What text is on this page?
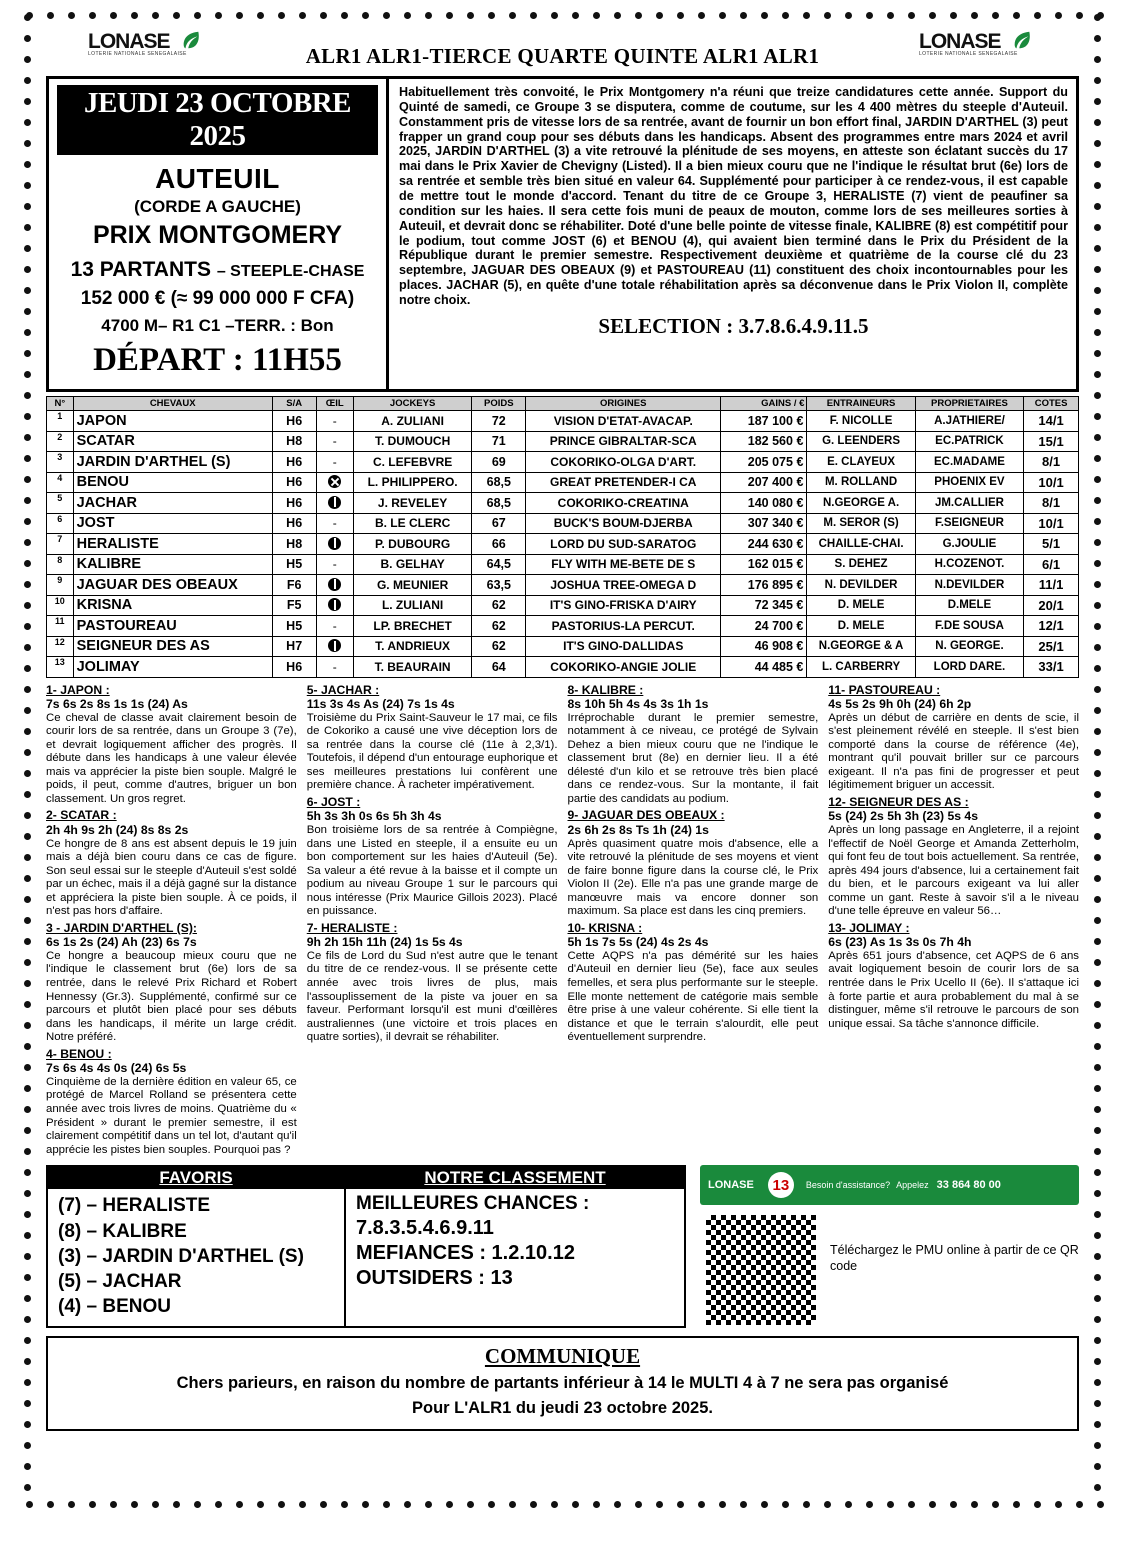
LONASE
LOTERIE NATIONALE SENEGALAISE	ALR1 ALR1-TIERCE QUARTE QUINTE ALR1 ALR1
LONASE
LOTERIE NATIONALE SENEGALAISE
JEUDI 23 OCTOBRE 2025
AUTEUIL
(CORDE A GAUCHE)
PRIX MONTGOMERY
13 PARTANTS – STEEPLE-CHASE
152 000 € (≈ 99 000 000 F CFA)
4700 M– R1 C1 –TERR. : Bon
DÉPART : 11H55
Habituellement très convoité, le Prix Montgomery n'a réuni que treize candidatures cette année. Support du Quinté de samedi, ce Groupe 3 se disputera, comme de coutume, sur les 4 400 mètres du steeple d'Auteuil. Constamment pris de vitesse lors de sa rentrée, avant de fournir un bon effort final, JARDIN D'ARTHEL (3) peut frapper un grand coup pour ses débuts dans les handicaps. Absent des programmes entre mars 2024 et avril 2025, JARDIN D'ARTHEL (3) a vite retrouvé la plénitude de ses moyens, en atteste son éclatant succès du 17 mai dans le Prix Xavier de Chevigny (Listed). Il a bien mieux couru que ne l'indique le résultat brut (6e) lors de sa rentrée et semble très bien situé en valeur 64. Supplémenté pour participer à ce rendez-vous, il est capable de mettre tout le monde d'accord. Tenant du titre de ce Groupe 3, HERALISTE (7) vient de peaufiner sa condition sur les haies. Il sera cette fois muni de peaux de mouton, comme lors de ses meilleures sorties à Auteuil, et devrait donc se réhabiliter. Doté d'une belle pointe de vitesse finale, KALIBRE (8) est compétitif pour le podium, tout comme JOST (6) et BENOU (4), qui avaient bien terminé dans le Prix du Président de la République durant le premier semestre. Respectivement deuxième et quatrième de la course clé du 23 septembre, JAGUAR DES OBEAUX (9) et PASTOUREAU (11) constituent des choix incontournables pour les places. JACHAR (5), en quête d'une totale réhabilitation après sa déconvenue dans le Prix Violon II, complète notre choix.
SELECTION : 3.7.8.6.4.9.11.5
N°	CHEVAUX	S/A	ŒIL	JOCKEYS	POIDS	ORIGINES	GAINS / €	ENTRAINEURS	PROPRIETAIRES	COTES
1	JAPON	H6	-	A. ZULIANI	72	VISION D'ETAT-AVACAP.	187 100 €	F. NICOLLE	A.JATHIERE/	14/1
2	SCATAR	H8	-	T. DUMOUCH	71	PRINCE GIBRALTAR-SCA	182 560 €	G. LEENDERS	EC.PATRICK	15/1
3	JARDIN D'ARTHEL (S)	H6	-	C. LEFEBVRE	69	COKORIKO-OLGA D'ART.	205 075 €	E. CLAYEUX	EC.MADAME	8/1
4	BENOU	H6		L. PHILIPPERO.	68,5	GREAT PRETENDER-I CA	207 400 €	M. ROLLAND	PHOENIX EV	10/1
5	JACHAR	H6		J. REVELEY	68,5	COKORIKO-CREATINA	140 080 €	N.GEORGE A.	JM.CALLIER	8/1
6	JOST	H6	-	B. LE CLERC	67	BUCK'S BOUM-DJERBA	307 340 €	M. SEROR (S)	F.SEIGNEUR	10/1
7	HERALISTE	H8		P. DUBOURG	66	LORD DU SUD-SARATOG	244 630 €	CHAILLE-CHAI.	G.JOULIE	5/1
8	KALIBRE	H5	-	B. GELHAY	64,5	FLY WITH ME-BETE DE S	162 015 €	S. DEHEZ	H.COZENOT.	6/1
9	JAGUAR DES OBEAUX	F6		G. MEUNIER	63,5	JOSHUA TREE-OMEGA D	176 895 €	N. DEVILDER	N.DEVILDER	11/1
10	KRISNA	F5		L. ZULIANI	62	IT'S GINO-FRISKA D'AIRY	72 345 €	D. MELE	D.MELE	20/1
11	PASTOUREAU	H5	-	LP. BRECHET	62	PASTORIUS-LA PERCUT.	24 700 €	D. MELE	F.DE SOUSA	12/1
12	SEIGNEUR DES AS	H7		T. ANDRIEUX	62	IT'S GINO-DALLIDAS	46 908 €	N.GEORGE & A	N. GEORGE.	25/1
13	JOLIMAY	H6	-	T. BEAURAIN	64	COKORIKO-ANGIE JOLIE	44 485 €	L. CARBERRY	LORD DARE.	33/1
1- JAPON :
7s 6s 2s 8s 1s 1s (24) As
Ce cheval de classe avait clairement besoin de courir lors de sa rentrée, dans un Groupe 3 (7e), et devrait logiquement afficher des progrès. Il débute dans les handicaps à une valeur élevée mais va apprécier la piste bien souple. Malgré le poids, il peut, comme d'autres, briguer un bon classement. Un gros regret.
2- SCATAR :
2h 4h 9s 2h (24) 8s 8s 2s
Ce hongre de 8 ans est absent depuis le 19 juin mais a déjà bien couru dans ce cas de figure. Son seul essai sur le steeple d'Auteuil s'est soldé par un échec, mais il a déjà gagné sur la distance et appréciera la piste bien souple. À ce poids, il n'est pas hors d'affaire.
3 - JARDIN D'ARTHEL (S):
6s 1s 2s (24) Ah (23) 6s 7s
Ce hongre a beaucoup mieux couru que ne l'indique le classement brut (6e) lors de sa rentrée, dans le relevé Prix Richard et Robert Hennessy (Gr.3). Supplémenté, confirmé sur ce parcours et plutôt bien placé pour ses débuts dans les handicaps, il mérite un large crédit. Notre préféré.
4- BENOU :
7s 6s 4s 4s 0s (24) 6s 5s
Cinquième de la dernière édition en valeur 65, ce protégé de Marcel Rolland se présentera cette année avec trois livres de moins. Quatrième du « Président » durant le premier semestre, il est clairement compétitif dans un tel lot, d'autant qu'il apprécie les pistes bien souples. Pourquoi pas ?
5- JACHAR :
11s 3s 4s As (24) 7s 1s 4s
Troisième du Prix Saint-Sauveur le 17 mai, ce fils de Cokoriko a causé une vive déception lors de sa rentrée dans la course clé (11e à 2,3/1). Toutefois, il dépend d'un entourage euphorique et ses meilleures prestations lui confèrent une première chance. À racheter impérativement.
6- JOST :
5h 3s 3h 0s 6s 5h 3h 4s
Bon troisième lors de sa rentrée à Compiègne, dans une Listed en steeple, il a ensuite eu un bon comportement sur les haies d'Auteuil (5e). Sa valeur a été revue à la baisse et il compte un podium au niveau Groupe 1 sur le parcours qui nous intéresse (Prix Maurice Gillois 2023). Placé en puissance.
7- HERALISTE :
9h 2h 15h 11h (24) 1s 5s 4s
Ce fils de Lord du Sud n'est autre que le tenant du titre de ce rendez-vous. Il se présente cette année avec trois livres de plus, mais l'assouplissement de la piste va jouer en sa faveur. Performant lorsqu'il est muni d'œillères australiennes (une victoire et trois places en quatre sorties), il devrait se réhabiliter.
8- KALIBRE :
8s 10h 5h 4s 4s 3s 1h 1s
Irréprochable durant le premier semestre, notamment à ce niveau, ce protégé de Sylvain Dehez a bien mieux couru que ne l'indique le classement brut (8e) en dernier lieu. Il a été délesté d'un kilo et se retrouve très bien placé dans ce rendez-vous. Sur la montante, il fait partie des candidats au podium.
9- JAGUAR DES OBEAUX :
2s 6h 2s 8s Ts 1h (24) 1s
Après quasiment quatre mois d'absence, elle a vite retrouvé la plénitude de ses moyens et vient de faire bonne figure dans la course clé, le Prix Violon II (2e). Elle n'a pas une grande marge de manœuvre mais va encore donner son maximum. Sa place est dans les cinq premiers.
10- KRISNA :
5h 1s 7s 5s (24) 4s 2s 4s
Cette AQPS n'a pas démérité sur les haies d'Auteuil en dernier lieu (5e), face aux seules femelles, et sera plus performante sur le steeple. Elle monte nettement de catégorie mais semble être prise à une valeur cohérente. Si elle tient la distance et que le terrain s'alourdit, elle peut éventuellement surprendre.
11- PASTOUREAU :
4s 5s 2s 9h 0h (24) 6h 2p
Après un début de carrière en dents de scie, il s'est pleinement révélé en steeple. Il s'est bien comporté dans la course de référence (4e), montrant qu'il pouvait briller sur ce parcours exigeant. Il n'a pas fini de progresser et peut légitimement briguer un accessit.
12- SEIGNEUR DES AS :
5s (24) 2s 5h 3h (23) 5s 4s
Après un long passage en Angleterre, il a rejoint l'effectif de Noël George et Amanda Zetterholm, qui font feu de tout bois actuellement. Sa rentrée, après 494 jours d'absence, lui a certainement fait du bien, et le parcours exigeant va lui aller comme un gant. Reste à savoir s'il a le niveau d'une telle épreuve en valeur 56…
13- JOLIMAY :
6s (23) As 1s 3s 0s 7h 4h
Après 651 jours d'absence, cet AQPS de 6 ans avait logiquement besoin de courir lors de sa rentrée dans le Prix Ucello II (6e). Il s'attaque ici à forte partie et aura probablement du mal à se distinguer, même s'il retrouve le parcours de son unique essai. Sa tâche s'annonce difficile.
FAVORIS
(7) – HERALISTE
(8) – KALIBRE
(3) – JARDIN D'ARTHEL (S)
(5) – JACHAR
(4) – BENOU
NOTRE CLASSEMENT
MEILLEURES CHANCES :
7.8.3.5.4.6.9.11
MEFIANCES : 1.2.10.12
OUTSIDERS : 13
LONASE	13	Besoin d'assistance? Appelez 33 864 80 00
Téléchargez le PMU online à partir de ce QR code
COMMUNIQUE
Chers parieurs, en raison du nombre de partants inférieur à 14 le MULTI 4 à 7 ne sera pas organisé
Pour L'ALR1 du jeudi 23 octobre 2025.
